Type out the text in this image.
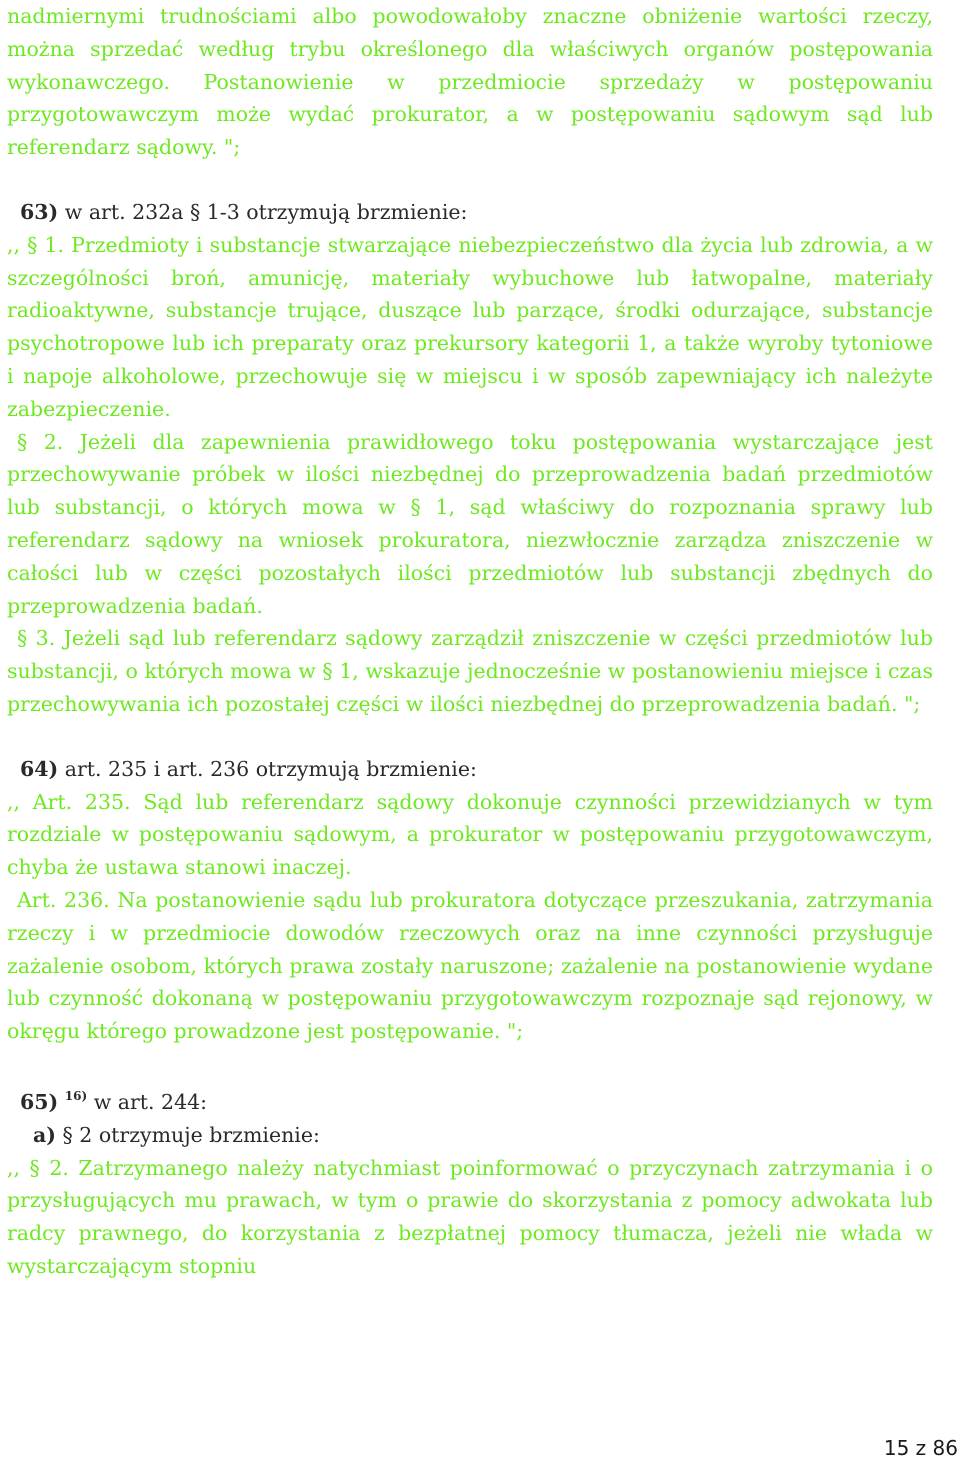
nadmiernymi trudnościami albo powodowałoby znaczne obniżenie wartości rzeczy, można sprzedać według trybu określonego dla właściwych organów postępowania wykonawczego. Postanowienie w przedmiocie sprzedaży w postępowaniu przygotowawczym może wydać prokurator, a w postępowaniu sądowym sąd lub referendarz sądowy. ";

63) w art. 232a § 1-3 otrzymują brzmienie:

,, § 1. Przedmioty i substancje stwarzające niebezpieczeństwo dla życia lub zdrowia, a w szczególności broń, amunicję, materiały wybuchowe lub łatwopalne, materiały radioaktywne, substancje trujące, duszące lub parzące, środki odurzające, substancje psychotropowe lub ich preparaty oraz prekursory kategorii 1, a także wyroby tytoniowe i napoje alkoholowe, przechowuje się w miejscu i w sposób zapewniający ich należyte zabezpieczenie.

§ 2. Jeżeli dla zapewnienia prawidłowego toku postępowania wystarczające jest przechowywanie próbek w ilości niezbędnej do przeprowadzenia badań przedmiotów lub substancji, o których mowa w § 1, sąd właściwy do rozpoznania sprawy lub referendarz sądowy na wniosek prokuratora, niezwłocznie zarządza zniszczenie w całości lub w części pozostałych ilości przedmiotów lub substancji zbędnych do przeprowadzenia badań.

§ 3. Jeżeli sąd lub referendarz sądowy zarządził zniszczenie w części przedmiotów lub substancji, o których mowa w § 1, wskazuje jednocześnie w postanowieniu miejsce i czas przechowywania ich pozostałej części w ilości niezbędnej do przeprowadzenia badań. ";

64) art. 235 i art. 236 otrzymują brzmienie:

,, Art. 235. Sąd lub referendarz sądowy dokonuje czynności przewidzianych w tym rozdziale w postępowaniu sądowym, a prokurator w postępowaniu przygotowawczym, chyba że ustawa stanowi inaczej.

Art. 236. Na postanowienie sądu lub prokuratora dotyczące przeszukania, zatrzymania rzeczy i w przedmiocie dowodów rzeczowych oraz na inne czynności przysługuje zażalenie osobom, których prawa zostały naruszone; zażalenie na postanowienie wydane lub czynność dokonaną w postępowaniu przygotowawczym rozpoznaje sąd rejonowy, w okręgu którego prowadzone jest postępowanie. ";

65) $^{16)}$ w art. 244:

a) § 2 otrzymuje brzmienie:

,, § 2. Zatrzymanego należy natychmiast poinformować o przyczynach zatrzymania i o przysługujących mu prawach, w tym o prawie do skorzystania z pomocy adwokata lub radcy prawnego, do korzystania z bezpłatnej pomocy tłumacza, jeżeli nie włada w wystarczającym stopniu

15 z 86
